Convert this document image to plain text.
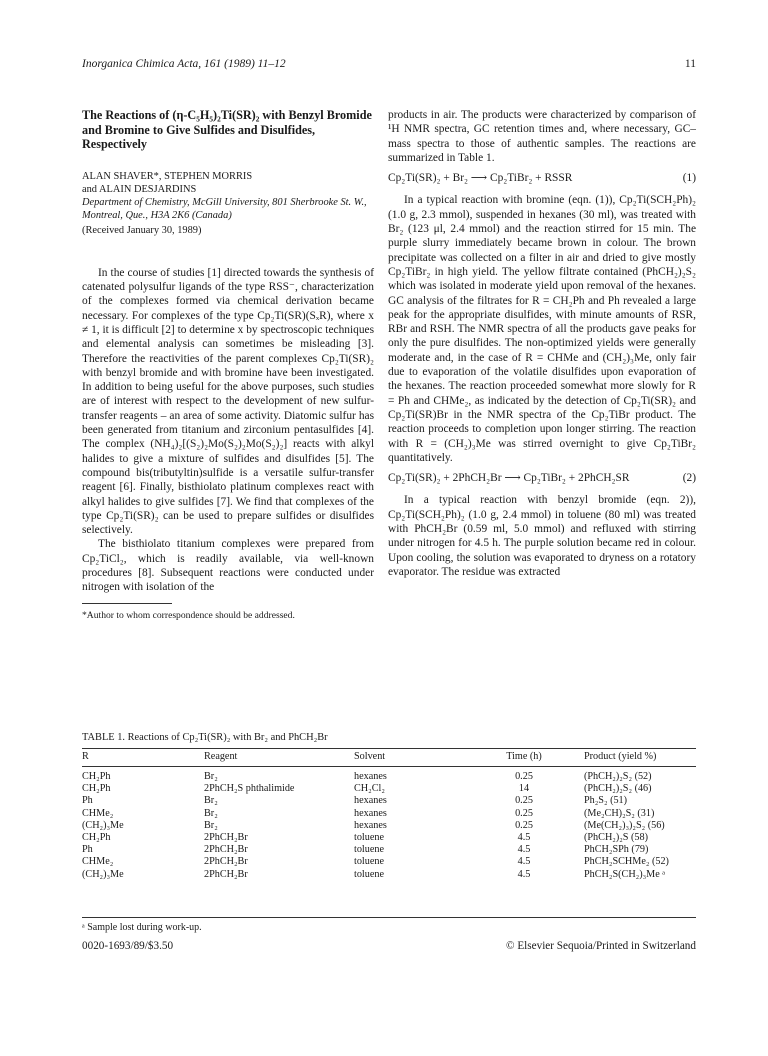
Inorganica Chimica Acta, 161 (1989) 11–12	11

The Reactions of (η-C₅H₅)₂Ti(SR)₂ with Benzyl Bromide and Bromine to Give Sulfides and Disulfides, Respectively

ALAN SHAVER*, STEPHEN MORRIS

and ALAIN DESJARDINS

Department of Chemistry, McGill University, 801 Sherbrooke St. W., Montreal, Que., H3A 2K6 (Canada)

(Received January 30, 1989)

In the course of studies [1] directed towards the synthesis of catenated polysulfur ligands of the type RSS⁻, characterization of the complexes formed via chemical derivation became necessary. For complexes of the type Cp₂Ti(SR)(SₓR), where x ≠ 1, it is difficult [2] to determine x by spectroscopic techniques and elemental analysis can sometimes be misleading [3]. Therefore the reactivities of the parent complexes Cp₂Ti(SR)₂ with benzyl bromide and with bromine have been investigated. In addition to being useful for the above purposes, such studies are of interest with respect to the development of new sulfur-transfer reagents – an area of some activity. Diatomic sulfur has been generated from titanium and zirconium pentasulfides [4]. The complex (NH₄)₂[(S₂)₂Mo(S₂)₂Mo(S₂)₂] reacts with alkyl halides to give a mixture of sulfides and disulfides [5]. The compound bis(tributyltin)sulfide is a versatile sulfur-transfer reagent [6]. Finally, bisthiolato platinum complexes react with alkyl halides to give sulfides [7]. We find that complexes of the type Cp₂Ti(SR)₂ can be used to prepare sulfides or disulfides selectively.

The bisthiolato titanium complexes were prepared from Cp₂TiCl₂, which is readily available, via well-known procedures [8]. Subsequent reactions were conducted under nitrogen with isolation of the

*Author to whom correspondence should be addressed.

products in air. The products were characterized by comparison of ¹H NMR spectra, GC retention times and, where necessary, GC–mass spectra to those of authentic samples. The reactions are summarized in Table 1.

Cp₂Ti(SR)₂ + Br₂ ⟶ Cp₂TiBr₂ + RSSR	(1)

In a typical reaction with bromine (eqn. (1)), Cp₂Ti(SCH₂Ph)₂ (1.0 g, 2.3 mmol), suspended in hexanes (30 ml), was treated with Br₂ (123 μl, 2.4 mmol) and the reaction stirred for 15 min. The purple slurry immediately became brown in colour. The brown precipitate was collected on a filter in air and dried to give mostly Cp₂TiBr₂ in high yield. The yellow filtrate contained (PhCH₂)₂S₂ which was isolated in moderate yield upon removal of the hexanes. GC analysis of the filtrates for R = CH₂Ph and Ph revealed a large peak for the appropriate disulfides, with minute amounts of RSR, RBr and RSH. The NMR spectra of all the products gave peaks for only the pure disulfides. The non-optimized yields were generally moderate and, in the case of R = CHMe and (CH₂)₃Me, only fair due to evaporation of the volatile disulfides upon evaporation of the hexanes. The reaction proceeded somewhat more slowly for R = Ph and CHMe₂, as indicated by the detection of Cp₂Ti(SR)₂ and Cp₂Ti(SR)Br in the NMR spectra of the Cp₂TiBr product. The reaction proceeds to completion upon longer stirring. The reaction with R = (CH₂)₃Me was stirred overnight to give Cp₂TiBr₂ quantitatively.

Cp₂Ti(SR)₂ + 2PhCH₂Br ⟶ Cp₂TiBr₂ + 2PhCH₂SR	(2)

In a typical reaction with benzyl bromide (eqn. 2)), Cp₂Ti(SCH₂Ph)₂ (1.0 g, 2.4 mmol) in toluene (80 ml) was treated with PhCH₂Br (0.59 ml, 5.0 mmol) and refluxed with stirring under nitrogen for 4.5 h. The purple solution became red in colour. Upon cooling, the solution was evaporated to dryness on a rotatory evaporator. The residue was extracted

TABLE 1. Reactions of Cp₂Ti(SR)₂ with Br₂ and PhCH₂Br
R	Reagent	Solvent	Time (h)	Product (yield %)
CH₂Ph	Br₂	hexanes	0.25	(PhCH₂)₂S₂ (52)
CH₂Ph	2PhCH₂S phthalimide	CH₂Cl₂	14	(PhCH₂)₂S₂ (46)
Ph	Br₂	hexanes	0.25	Ph₂S₂ (51)
CHMe₂	Br₂	hexanes	0.25	(Me₂CH)₂S₂ (31)
(CH₂)₃Me	Br₂	hexanes	0.25	(Me(CH₂)₃)₂S₂ (56)
CH₂Ph	2PhCH₂Br	toluene	4.5	(PhCH₂)₂S (58)
Ph	2PhCH₂Br	toluene	4.5	PhCH₂SPh (79)
CHMe₂	2PhCH₂Br	toluene	4.5	PhCH₂SCHMe₂ (52)
(CH₂)₃Me	2PhCH₂Br	toluene	4.5	PhCH₂S(CH₂)₃Me ᵃ
ᵃ Sample lost during work-up.
0020-1693/89/$3.50	© Elsevier Sequoia/Printed in Switzerland
